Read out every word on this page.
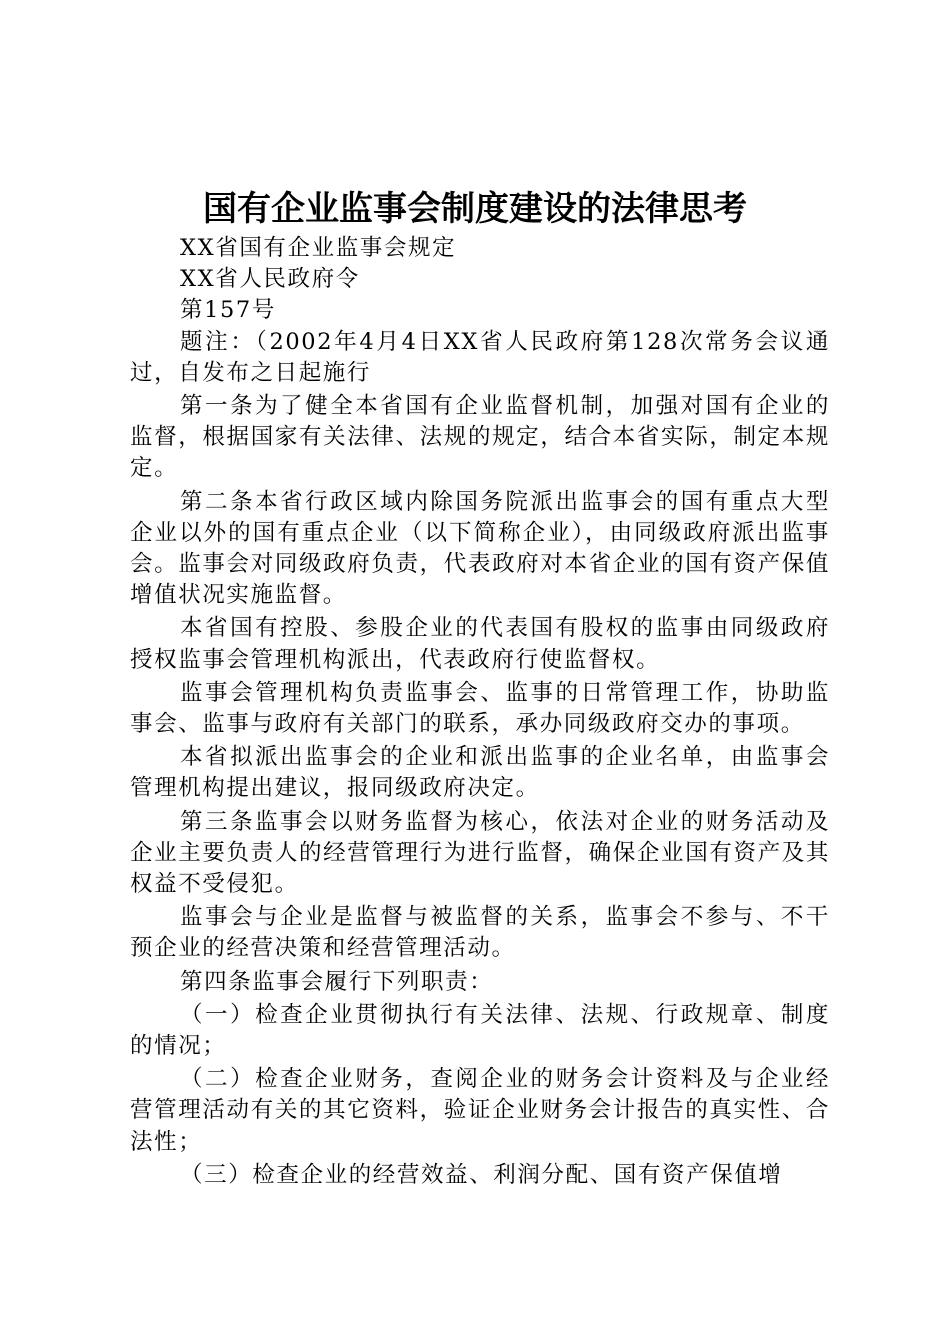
国有企业监事会制度建设的法律思考

XX省国有企业监事会规定

XX省人民政府令

第157号

题注：（2002年4月4日XX省人民政府第128次常务会议通过，自发布之日起施行

第一条为了健全本省国有企业监督机制，加强对国有企业的监督，根据国家有关法律、法规的规定，结合本省实际，制定本规定。

第二条本省行政区域内除国务院派出监事会的国有重点大型企业以外的国有重点企业（以下简称企业），由同级政府派出监事会。监事会对同级政府负责，代表政府对本省企业的国有资产保值增值状况实施监督。

本省国有控股、参股企业的代表国有股权的监事由同级政府授权监事会管理机构派出，代表政府行使监督权。

监事会管理机构负责监事会、监事的日常管理工作，协助监事会、监事与政府有关部门的联系，承办同级政府交办的事项。

本省拟派出监事会的企业和派出监事的企业名单，由监事会管理机构提出建议，报同级政府决定。

第三条监事会以财务监督为核心，依法对企业的财务活动及企业主要负责人的经营管理行为进行监督，确保企业国有资产及其权益不受侵犯。

监事会与企业是监督与被监督的关系，监事会不参与、不干预企业的经营决策和经营管理活动。

第四条监事会履行下列职责：

（一）检查企业贯彻执行有关法律、法规、行政规章、制度的情况；

（二）检查企业财务，查阅企业的财务会计资料及与企业经营管理活动有关的其它资料，验证企业财务会计报告的真实性、合法性；

（三）检查企业的经营效益、利润分配、国有资产保值增
